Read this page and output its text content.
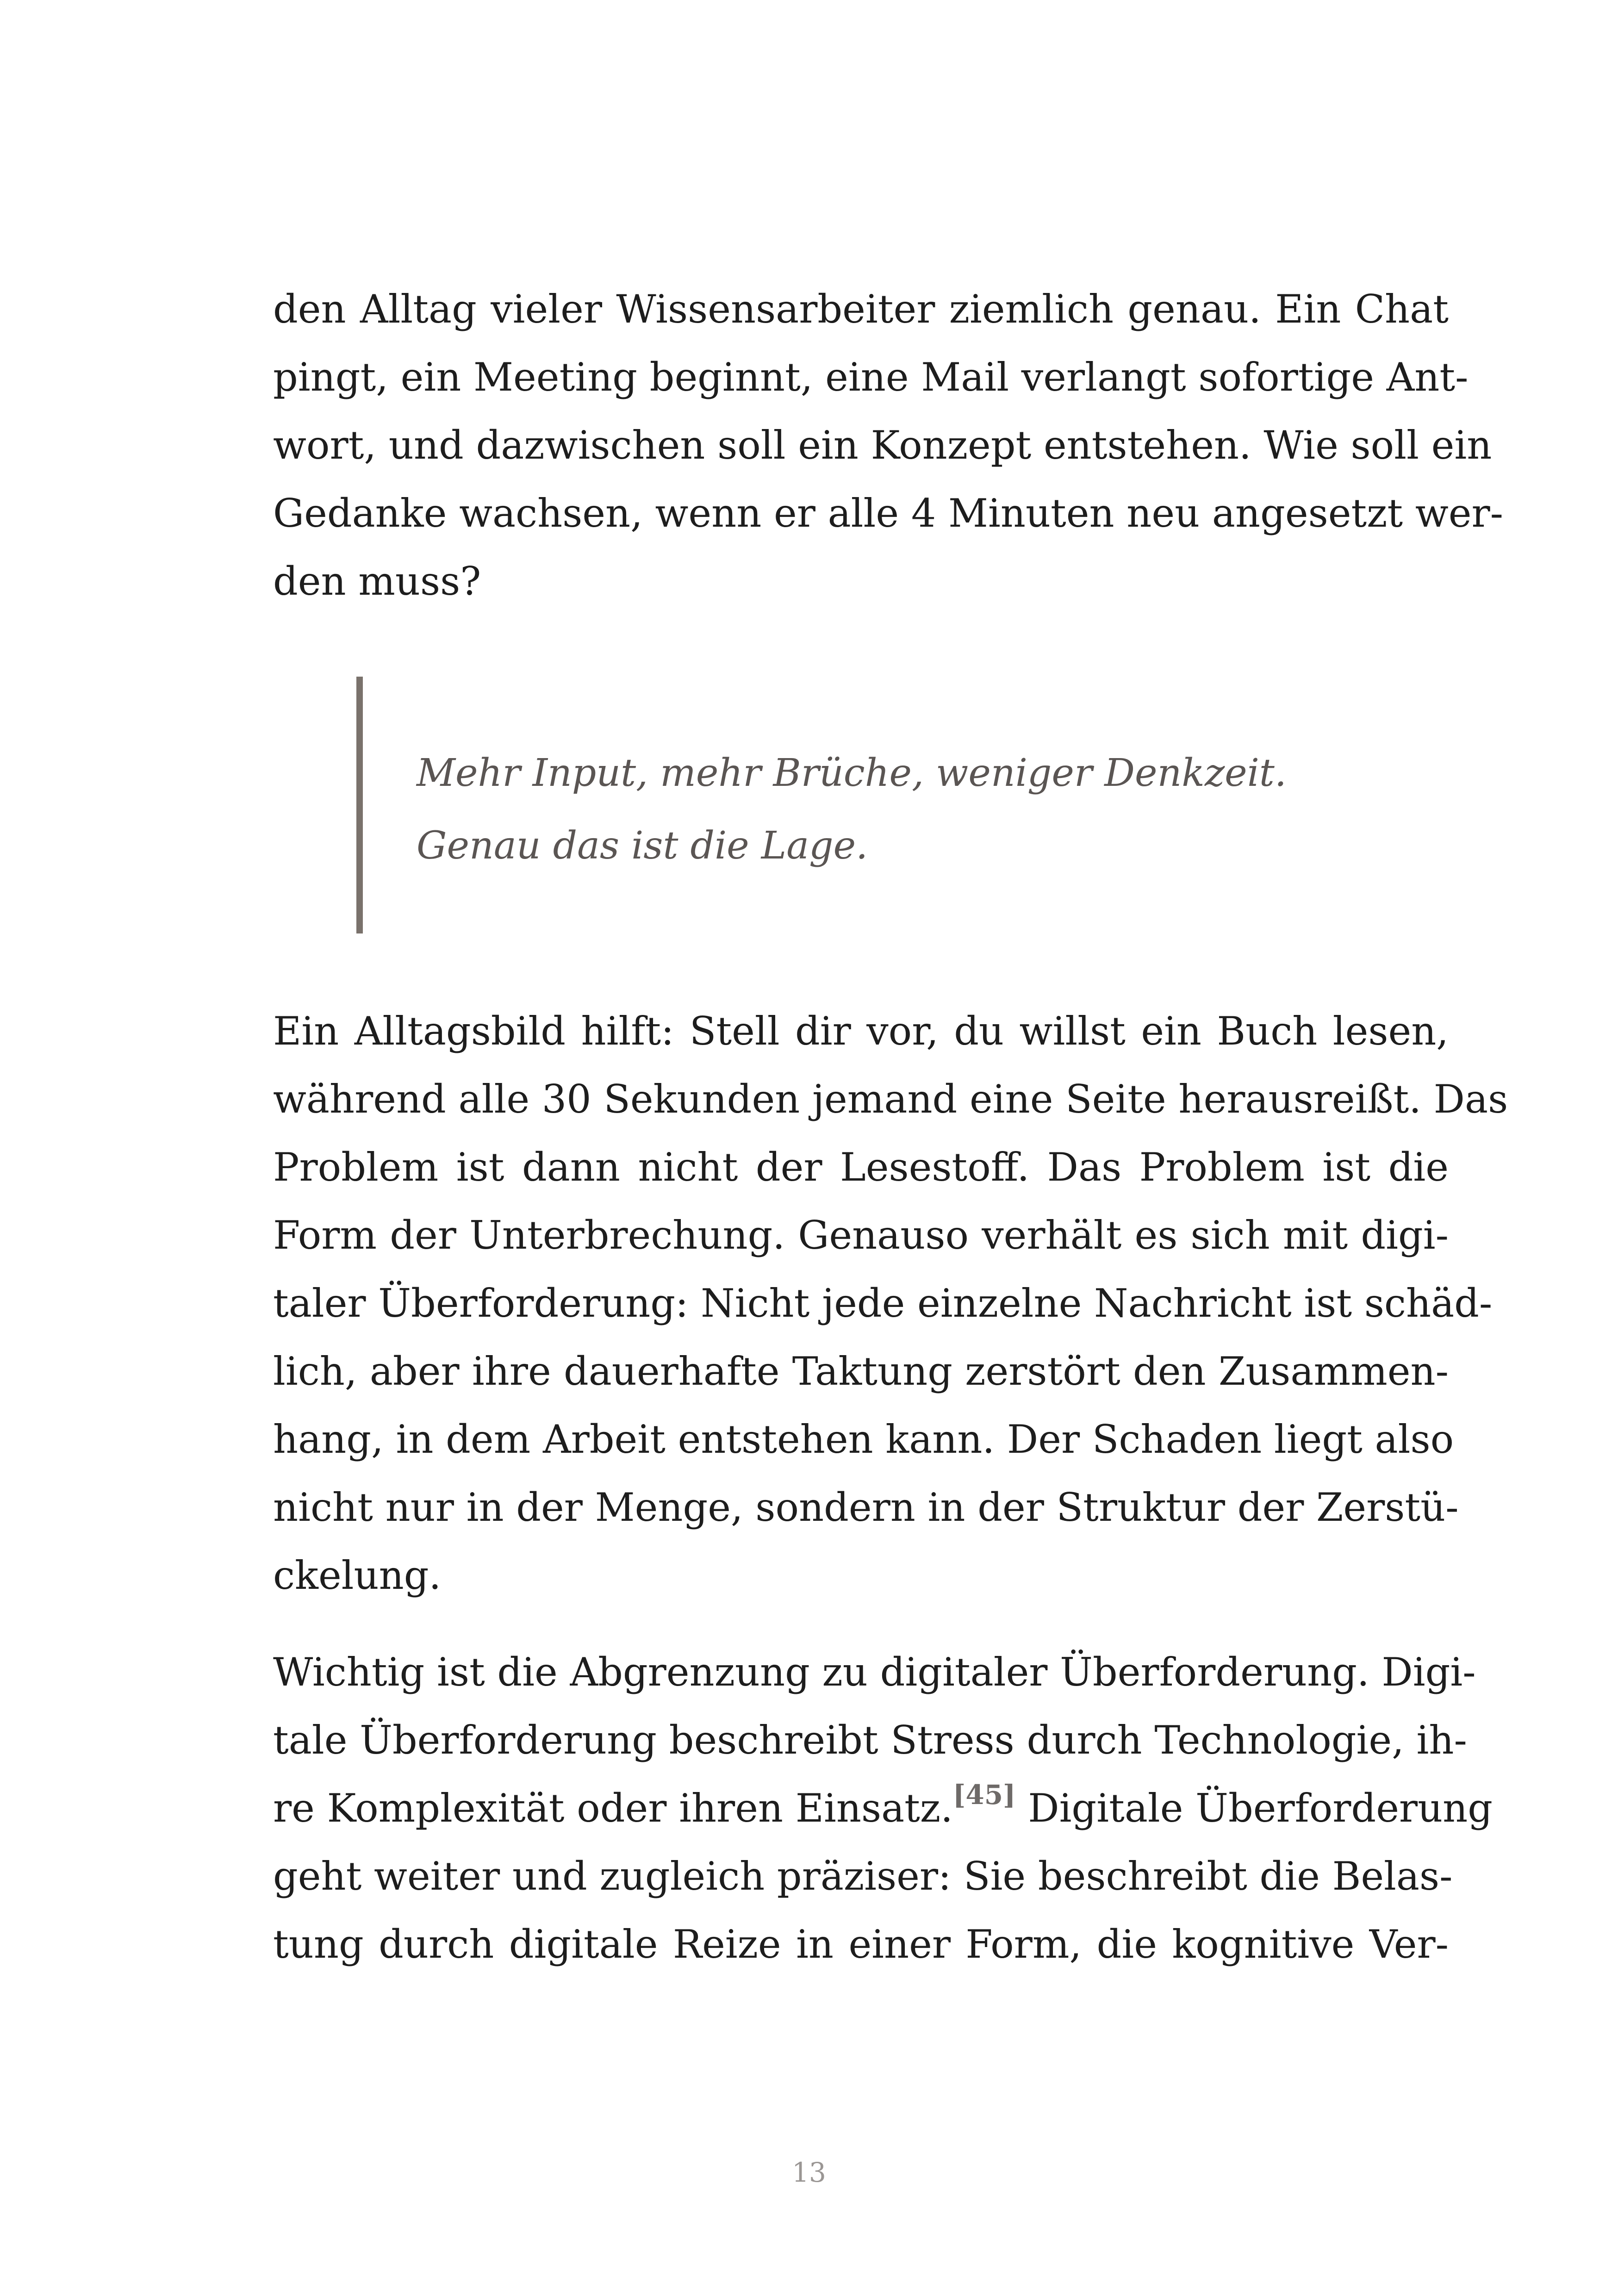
den Alltag vieler Wissensarbeiter ziemlich genau. Ein Chat
pingt, ein Meeting beginnt, eine Mail verlangt sofortige Ant-
wort, und dazwischen soll ein Konzept entstehen. Wie soll ein
Gedanke wachsen, wenn er alle 4 Minuten neu angesetzt wer-
den muss?
Mehr Input, mehr Brüche, weniger Denkzeit.
Genau das ist die Lage.
Ein Alltagsbild hilft: Stell dir vor, du willst ein Buch lesen,
während alle 30 Sekunden jemand eine Seite herausreißt. Das
Problem ist dann nicht der Lesestoff. Das Problem ist die
Form der Unterbrechung. Genauso verhält es sich mit digi-
taler Überforderung: Nicht jede einzelne Nachricht ist schäd-
lich, aber ihre dauerhafte Taktung zerstört den Zusammen-
hang, in dem Arbeit entstehen kann. Der Schaden liegt also
nicht nur in der Menge, sondern in der Struktur der Zerstü-
ckelung.
Wichtig ist die Abgrenzung zu digitaler Überforderung. Digi-
tale Überforderung beschreibt Stress durch Technologie, ih-
re Komplexität oder ihren Einsatz.[45] Digitale Überforderung
geht weiter und zugleich präziser: Sie beschreibt die Belas-
tung durch digitale Reize in einer Form, die kognitive Ver-
13
